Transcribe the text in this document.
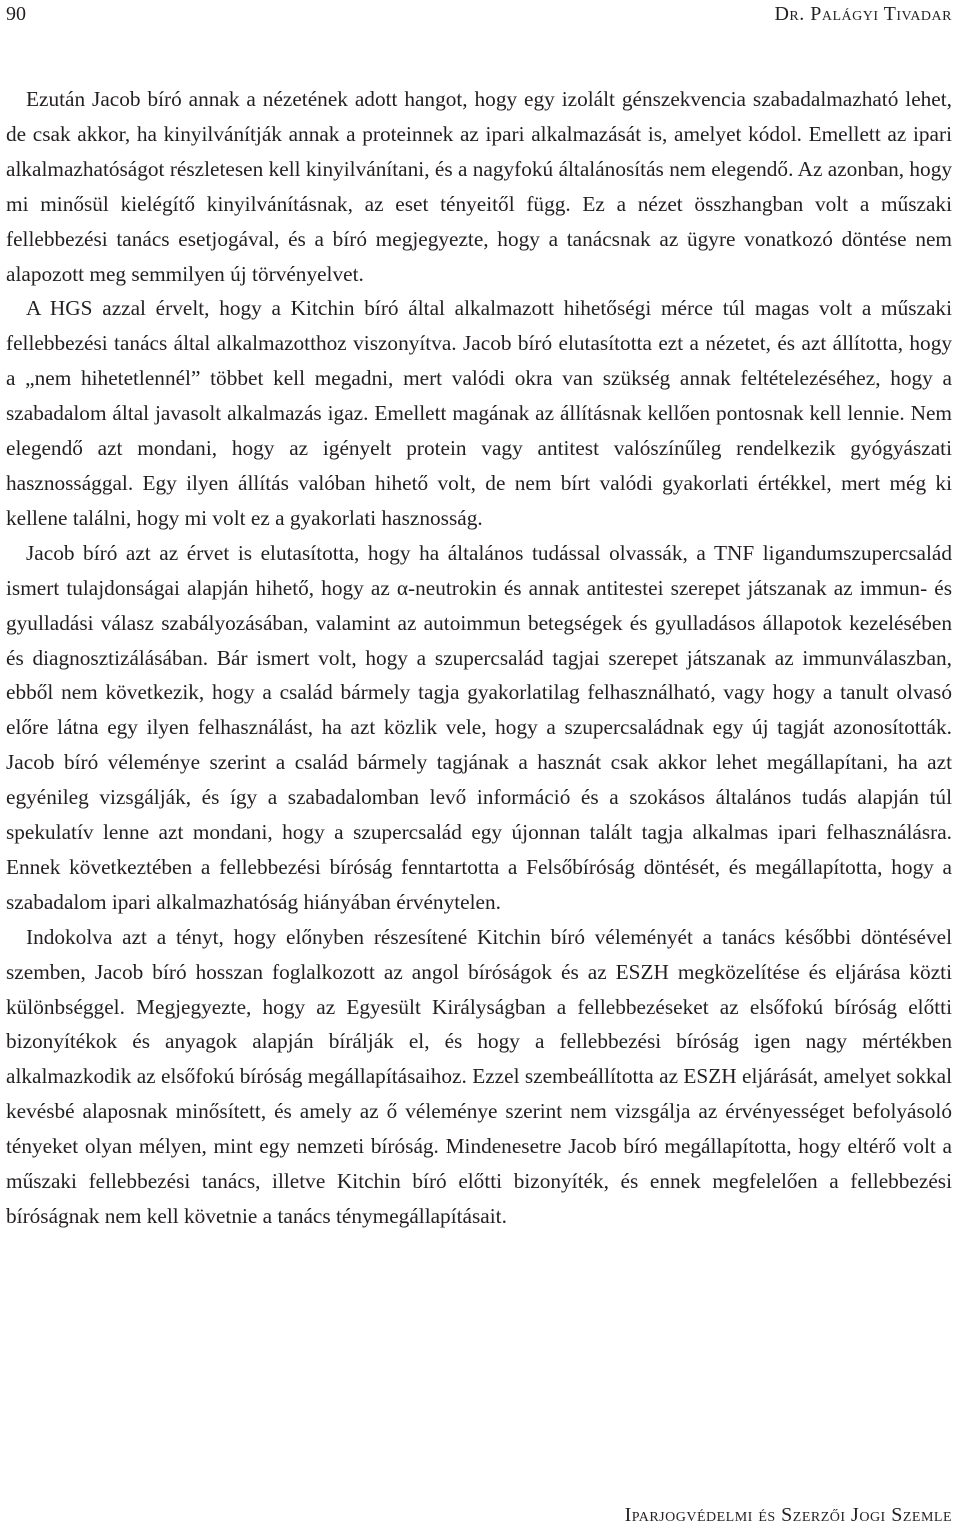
90	Dr. Palágyi Tivadar

Ezután Jacob bíró annak a nézetének adott hangot, hogy egy izolált génszekvencia szabadalmazható lehet, de csak akkor, ha kinyilvánítják annak a proteinnek az ipari alkalmazását is, amelyet kódol. Emellett az ipari alkalmazhatóságot részletesen kell kinyilvánítani, és a nagyfokú általánosítás nem elegendő. Az azonban, hogy mi minősül kielégítő kinyilvánításnak, az eset tényeitől függ. Ez a nézet összhangban volt a műszaki fellebbezési tanács esetjogával, és a bíró megjegyezte, hogy a tanácsnak az ügyre vonatkozó döntése nem alapozott meg semmilyen új törvényelvet.

A HGS azzal érvelt, hogy a Kitchin bíró által alkalmazott hihetőségi mérce túl magas volt a műszaki fellebbezési tanács által alkalmazotthoz viszonyítva. Jacob bíró elutasította ezt a nézetet, és azt állította, hogy a „nem hihetetlennél” többet kell megadni, mert valódi okra van szükség annak feltételezéséhez, hogy a szabadalom által javasolt alkalmazás igaz. Emellett magának az állításnak kellően pontosnak kell lennie. Nem elegendő azt mondani, hogy az igényelt protein vagy antitest valószínűleg rendelkezik gyógyászati hasznossággal. Egy ilyen állítás valóban hihető volt, de nem bírt valódi gyakorlati értékkel, mert még ki kellene találni, hogy mi volt ez a gyakorlati hasznosság.

Jacob bíró azt az érvet is elutasította, hogy ha általános tudással olvassák, a TNF ligandumszupercsalád ismert tulajdonságai alapján hihető, hogy az α-neutrokin és annak antitestei szerepet játszanak az immun- és gyulladási válasz szabályozásában, valamint az autoimmun betegségek és gyulladásos állapotok kezelésében és diagnosztizálásában. Bár ismert volt, hogy a szupercsalád tagjai szerepet játszanak az immunválaszban, ebből nem következik, hogy a család bármely tagja gyakorlatilag felhasználható, vagy hogy a tanult olvasó előre látna egy ilyen felhasználást, ha azt közlik vele, hogy a szupercsaládnak egy új tagját azonosították. Jacob bíró véleménye szerint a család bármely tagjának a hasznát csak akkor lehet megállapítani, ha azt egyénileg vizsgálják, és így a szabadalomban levő információ és a szokásos általános tudás alapján túl spekulatív lenne azt mondani, hogy a szupercsalád egy újonnan talált tagja alkalmas ipari felhasználásra. Ennek következtében a fellebbezési bíróság fenntartotta a Felsőbíróság döntését, és megállapította, hogy a szabadalom ipari alkalmazhatóság hiányában érvénytelen.

Indokolva azt a tényt, hogy előnyben részesítené Kitchin bíró véleményét a tanács későbbi döntésével szemben, Jacob bíró hosszan foglalkozott az angol bíróságok és az ESZH megközelítése és eljárása közti különbséggel. Megjegyezte, hogy az Egyesült Királyságban a fellebbezéseket az elsőfokú bíróság előtti bizonyítékok és anyagok alapján bírálják el, és hogy a fellebbezési bíróság igen nagy mértékben alkalmazkodik az elsőfokú bíróság megállapításaihoz. Ezzel szembeállította az ESZH eljárását, amelyet sokkal kevésbé alaposnak minősített, és amely az ő véleménye szerint nem vizsgálja az érvényességet befolyásoló tényeket olyan mélyen, mint egy nemzeti bíróság. Mindenesetre Jacob bíró megállapította, hogy eltérő volt a műszaki fellebbezési tanács, illetve Kitchin bíró előtti bizonyíték, és ennek megfelelően a fellebbezési bíróságnak nem kell követnie a tanács ténymegállapításait.

Iparjogvédelmi és Szerzői Jogi Szemle
